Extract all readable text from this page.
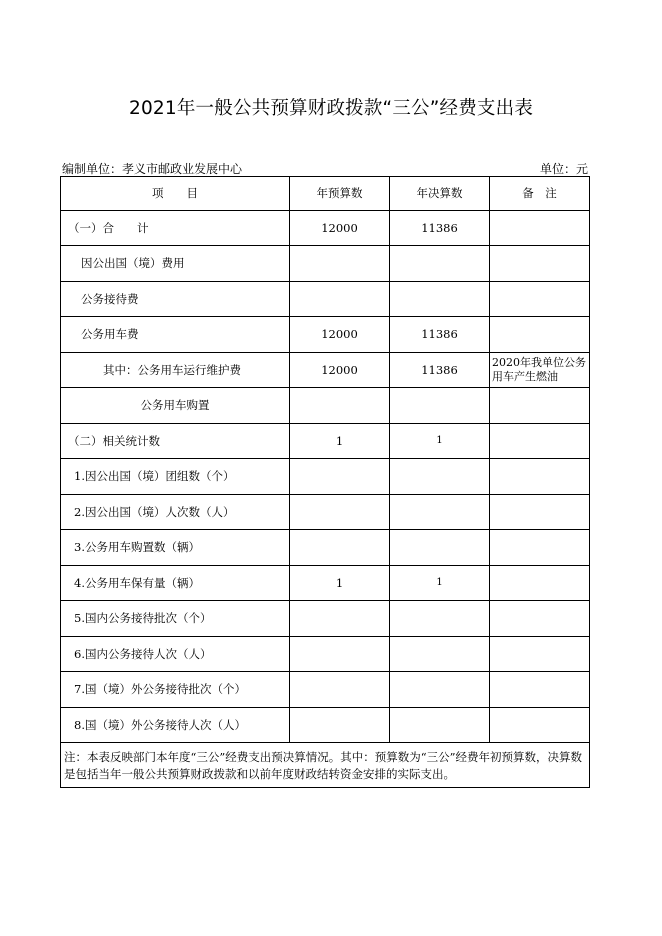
2021年一般公共预算财政拨款“三公”经费支出表
编制单位：孝义市邮政业发展中心	单位：元
项　　目	年预算数	年决算数	备　注
（一）合　　计	12000	11386	
因公出国（境）费用			
公务接待费			
公务用车费	12000	11386	
其中：公务用车运行维护费	12000	11386	2020年我单位公务用车产生燃油
公务用车购置			
（二）相关统计数	1	1	
1.因公出国（境）团组数（个）			
2.因公出国（境）人次数（人）			
3.公务用车购置数（辆）			
4.公务用车保有量（辆）	1	1	
5.国内公务接待批次（个）			
6.国内公务接待人次（人）			
7.国（境）外公务接待批次（个）			
8.国（境）外公务接待人次（人）			
注：本表反映部门本年度“三公”经费支出预决算情况。其中：预算数为“三公”经费年初预算数，决算数是包括当年一般公共预算财政拨款和以前年度财政结转资金安排的实际支出。			
